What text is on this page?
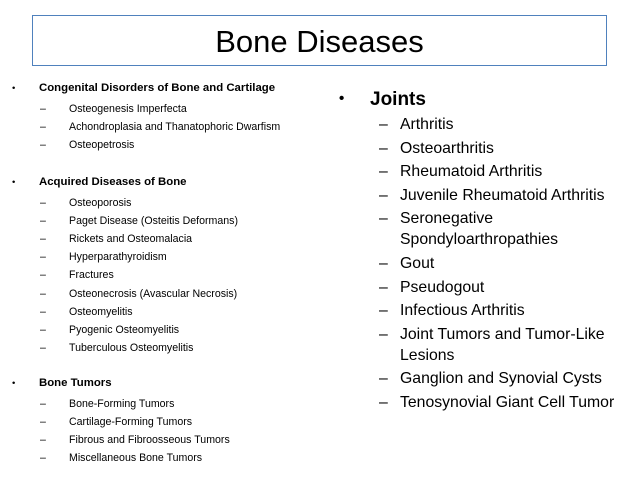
Bone Diseases
• Congenital Disorders of Bone and Cartilage
– Osteogenesis Imperfecta
– Achondroplasia and Thanatophoric Dwarfism
– Osteopetrosis
• Acquired Diseases of Bone
– Osteoporosis
– Paget Disease (Osteitis Deformans)
– Rickets and Osteomalacia
– Hyperparathyroidism
– Fractures
– Osteonecrosis (Avascular Necrosis)
– Osteomyelitis
– Pyogenic Osteomyelitis
– Tuberculous Osteomyelitis
• Bone Tumors
– Bone-Forming Tumors
– Cartilage-Forming Tumors
– Fibrous and Fibroosseous Tumors
– Miscellaneous Bone Tumors
• Joints
– Arthritis
– Osteoarthritis
– Rheumatoid Arthritis
– Juvenile Rheumatoid Arthritis
– Seronegative
Spondyloarthropathies
– Gout
– Pseudogout
– Infectious Arthritis
– Joint Tumors and Tumor-Like
Lesions
– Ganglion and Synovial Cysts
– Tenosynovial Giant Cell Tumor
